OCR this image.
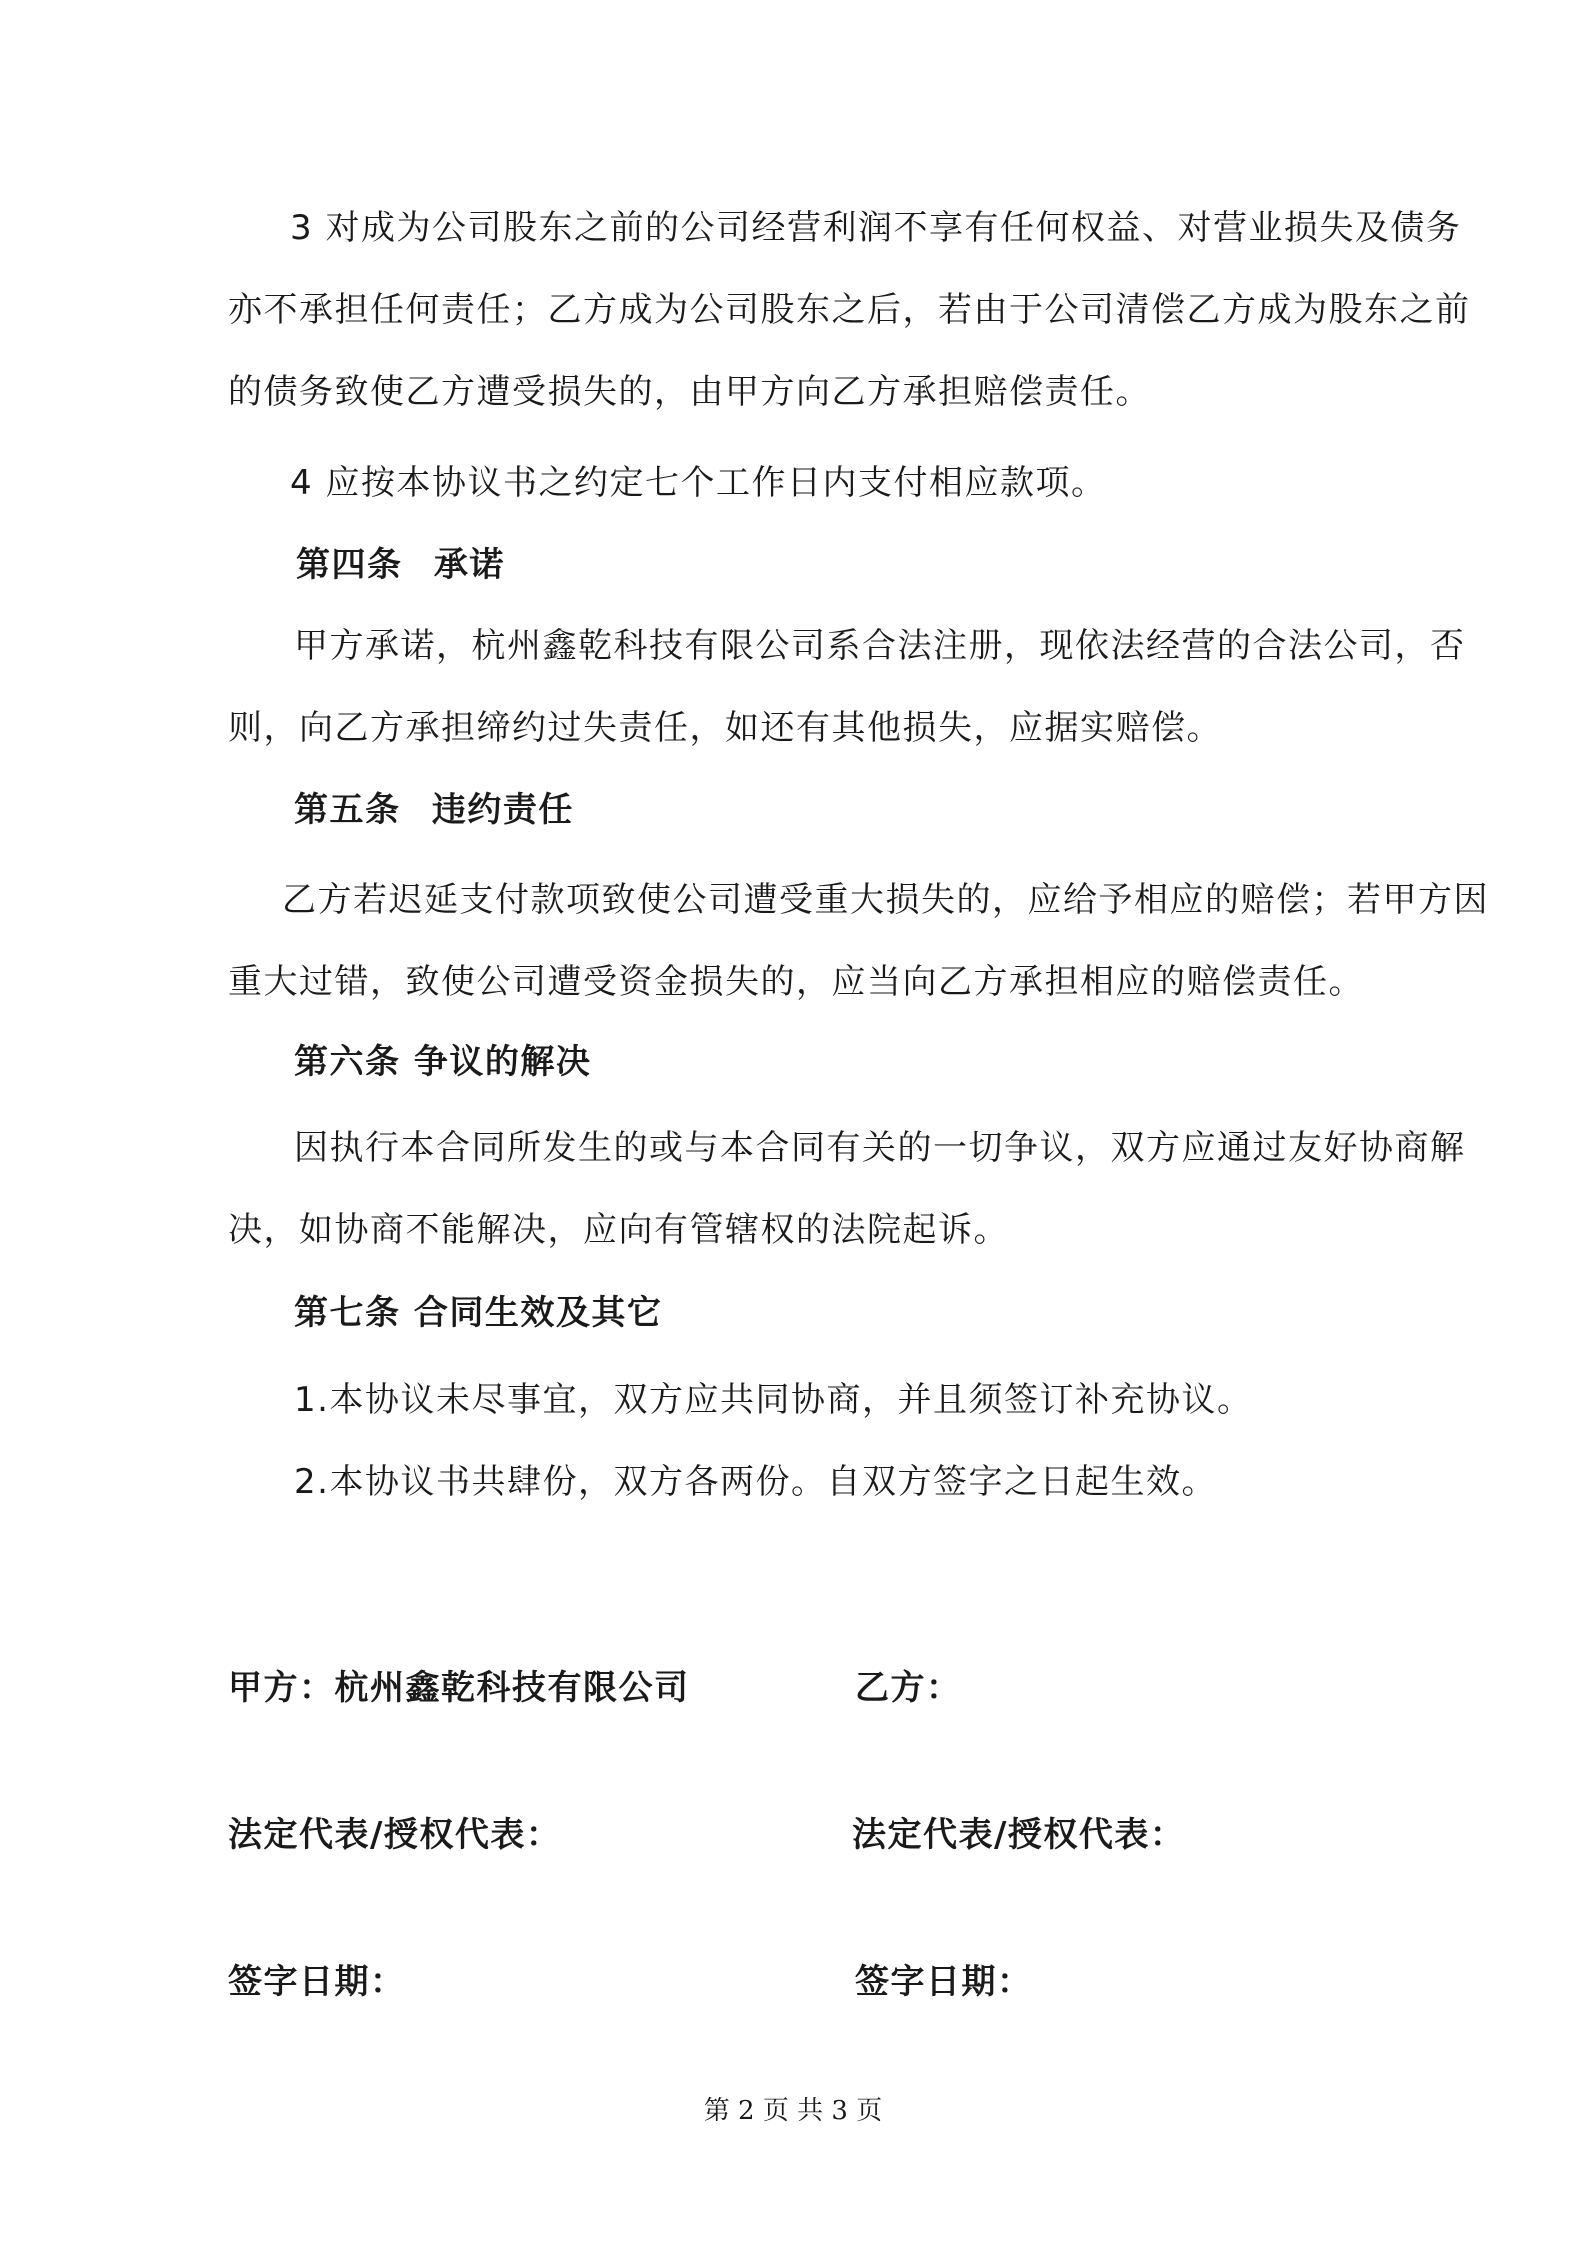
3 对成为公司股东之前的公司经营利润不享有任何权益、对营业损失及债务
亦不承担任何责任；乙方成为公司股东之后，若由于公司清偿乙方成为股东之前
的债务致使乙方遭受损失的，由甲方向乙方承担赔偿责任。
4 应按本协议书之约定七个工作日内支付相应款项。
第四条 承诺
甲方承诺，杭州鑫乾科技有限公司系合法注册，现依法经营的合法公司，否
则，向乙方承担缔约过失责任，如还有其他损失，应据实赔偿。
第五条 违约责任
乙方若迟延支付款项致使公司遭受重大损失的，应给予相应的赔偿；若甲方因
重大过错，致使公司遭受资金损失的，应当向乙方承担相应的赔偿责任。
第六条 争议的解决
因执行本合同所发生的或与本合同有关的一切争议，双方应通过友好协商解
决，如协商不能解决，应向有管辖权的法院起诉。
第七条 合同生效及其它
1.本协议未尽事宜，双方应共同协商，并且须签订补充协议。
2.本协议书共肆份，双方各两份。自双方签字之日起生效。
甲方：杭州鑫乾科技有限公司	乙方：
法定代表/授权代表：	法定代表/授权代表：
签字日期：	签字日期：
第 2 页 共 3 页
